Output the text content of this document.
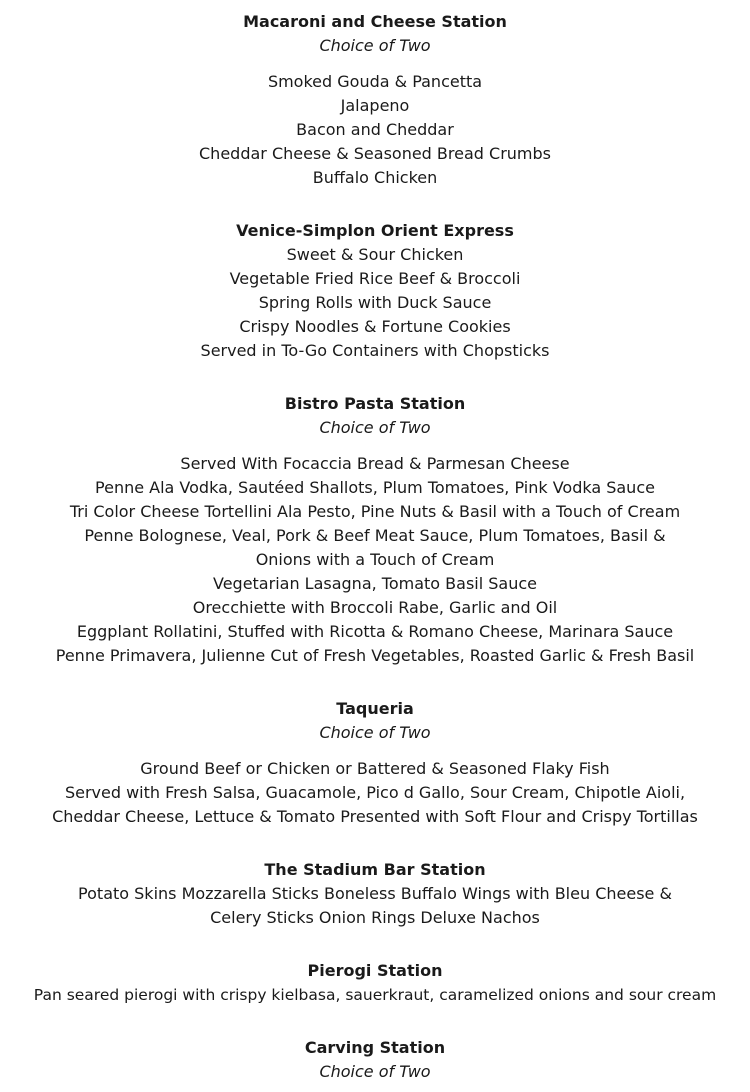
Macaroni and Cheese Station
Choice of Two
Smoked Gouda & Pancetta
Jalapeno
Bacon and Cheddar
Cheddar Cheese & Seasoned Bread Crumbs
Buffalo Chicken
Venice-Simplon Orient Express
Sweet & Sour Chicken
Vegetable Fried Rice Beef & Broccoli
Spring Rolls with Duck Sauce
Crispy Noodles & Fortune Cookies
Served in To-Go Containers with Chopsticks
Bistro Pasta Station
Choice of Two
Served With Focaccia Bread & Parmesan Cheese
Penne Ala Vodka, Sautéed Shallots, Plum Tomatoes, Pink Vodka Sauce
Tri Color Cheese Tortellini Ala Pesto, Pine Nuts & Basil with a Touch of Cream
Penne Bolognese, Veal, Pork & Beef Meat Sauce, Plum Tomatoes, Basil & Onions with a Touch of Cream
Vegetarian Lasagna, Tomato Basil Sauce
Orecchiette with Broccoli Rabe, Garlic and Oil
Eggplant Rollatini, Stuffed with Ricotta & Romano Cheese, Marinara Sauce
Penne Primavera, Julienne Cut of Fresh Vegetables, Roasted Garlic & Fresh Basil
Taqueria
Choice of Two
Ground Beef or Chicken or Battered & Seasoned Flaky Fish
Served with Fresh Salsa, Guacamole, Pico d Gallo, Sour Cream, Chipotle Aioli, Cheddar Cheese, Lettuce & Tomato Presented with Soft Flour and Crispy Tortillas
The Stadium Bar Station
Potato Skins Mozzarella Sticks Boneless Buffalo Wings with Bleu Cheese & Celery Sticks Onion Rings Deluxe Nachos
Pierogi Station
Pan seared pierogi with crispy kielbasa, sauerkraut, caramelized onions and sour cream
Carving Station
Choice of Two
